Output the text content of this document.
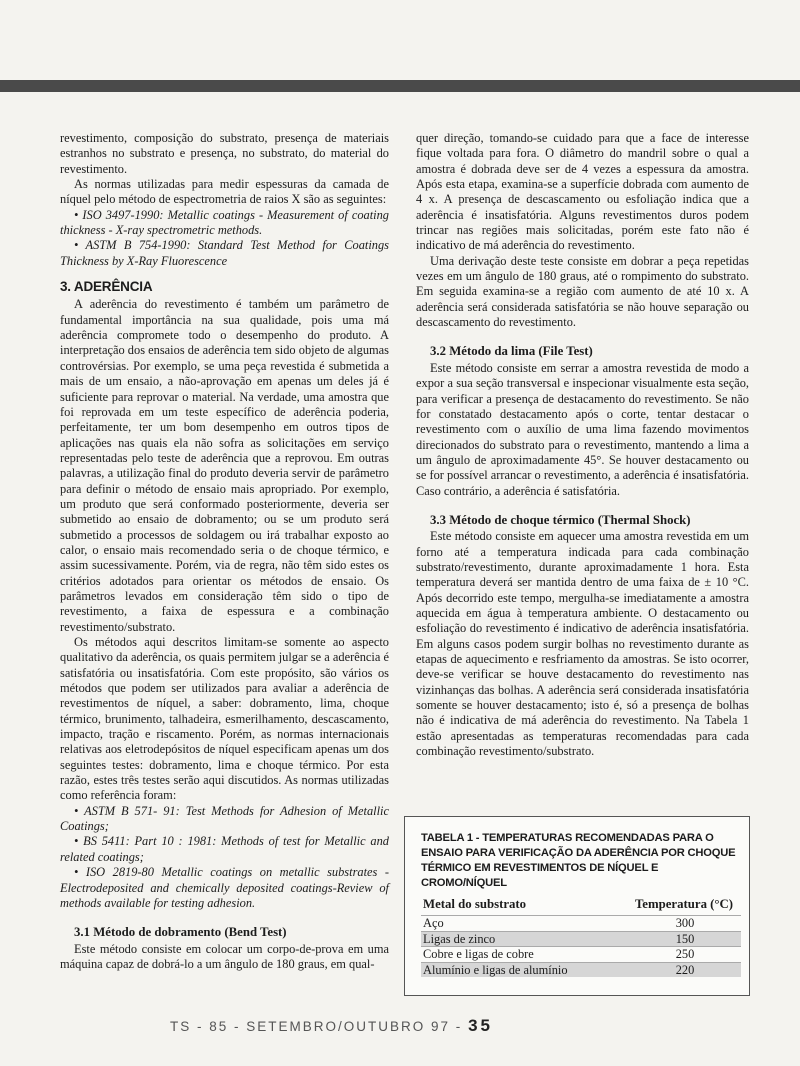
revestimento, composição do substrato, presença de materiais estranhos no substrato e presença, no substrato, do material do revestimento.

As normas utilizadas para medir espessuras da camada de níquel pelo método de espectrometria de raios X são as seguintes:

• ISO 3497-1990: Metallic coatings - Measurement of coating thickness - X-ray spectrometric methods.

• ASTM B 754-1990: Standard Test Method for Coatings Thickness by X-Ray Fluorescence

3. ADERÊNCIA

A aderência do revestimento é também um parâmetro de fundamental importância na sua qualidade, pois uma má aderência compromete todo o desempenho do produto. A interpretação dos ensaios de aderência tem sido objeto de algumas controvérsias. Por exemplo, se uma peça revestida é submetida a mais de um ensaio, a não-aprovação em apenas um deles já é suficiente para reprovar o material. Na verdade, uma amostra que foi reprovada em um teste específico de aderência poderia, perfeitamente, ter um bom desempenho em outros tipos de aplicações nas quais ela não sofra as solicitações em serviço representadas pelo teste de aderência que a reprovou. Em outras palavras, a utilização final do produto deveria servir de parâmetro para definir o método de ensaio mais apropriado. Por exemplo, um produto que será conformado posteriormente, deveria ser submetido ao ensaio de dobramento; ou se um produto será submetido a processos de soldagem ou irá trabalhar exposto ao calor, o ensaio mais recomendado seria o de choque térmico, e assim sucessivamente. Porém, via de regra, não têm sido estes os critérios adotados para orientar os métodos de ensaio. Os parâmetros levados em consideração têm sido o tipo de revestimento, a faixa de espessura e a combinação revestimento/substrato.

Os métodos aqui descritos limitam-se somente ao aspecto qualitativo da aderência, os quais permitem julgar se a aderência é satisfatória ou insatisfatória. Com este propósito, são vários os métodos que podem ser utilizados para avaliar a aderência de revestimentos de níquel, a saber: dobramento, lima, choque térmico, brunimento, talhadeira, esmerilhamento, descascamento, impacto, tração e riscamento. Porém, as normas internacionais relativas aos eletrodepósitos de níquel especificam apenas um dos seguintes testes: dobramento, lima e choque térmico. Por esta razão, estes três testes serão aqui discutidos. As normas utilizadas como referência foram:

• ASTM B 571- 91: Test Methods for Adhesion of Metallic Coatings;

• BS 5411: Part 10 : 1981: Methods of test for Metallic and related coatings;

• ISO 2819-80 Metallic coatings on metallic substrates - Electrodeposited and chemically deposited coatings-Review of methods available for testing adhesion.

3.1 Método de dobramento (Bend Test)

Este método consiste em colocar um corpo-de-prova em uma máquina capaz de dobrá-lo a um ângulo de 180 graus, em qual-

quer direção, tomando-se cuidado para que a face de interesse fique voltada para fora. O diâmetro do mandril sobre o qual a amostra é dobrada deve ser de 4 vezes a espessura da amostra. Após esta etapa, examina-se a superfície dobrada com aumento de 4 x. A presença de descascamento ou esfoliação indica que a aderência é insatisfatória. Alguns revestimentos duros podem trincar nas regiões mais solicitadas, porém este fato não é indicativo de má aderência do revestimento.

Uma derivação deste teste consiste em dobrar a peça repetidas vezes em um ângulo de 180 graus, até o rompimento do substrato. Em seguida examina-se a região com aumento de até 10 x. A aderência será considerada satisfatória se não houve separação ou descascamento do revestimento.

3.2 Método da lima (File Test)

Este método consiste em serrar a amostra revestida de modo a expor a sua seção transversal e inspecionar visualmente esta seção, para verificar a presença de destacamento do revestimento. Se não for constatado destacamento após o corte, tentar destacar o revestimento com o auxílio de uma lima fazendo movimentos direcionados do substrato para o revestimento, mantendo a lima a um ângulo de aproximadamente 45°. Se houver destacamento ou se for possível arrancar o revestimento, a aderência é insatisfatória. Caso contrário, a aderência é satisfatória.

3.3 Método de choque térmico (Thermal Shock)

Este método consiste em aquecer uma amostra revestida em um forno até a temperatura indicada para cada combinação substrato/revestimento, durante aproximadamente 1 hora. Esta temperatura deverá ser mantida dentro de uma faixa de ± 10 °C. Após decorrido este tempo, mergulha-se imediatamente a amostra aquecida em água à temperatura ambiente. O destacamento ou esfoliação do revestimento é indicativo de aderência insatisfatória. Em alguns casos podem surgir bolhas no revestimento durante as etapas de aquecimento e resfriamento da amostras. Se isto ocorrer, deve-se verificar se houve destacamento do revestimento nas vizinhanças das bolhas. A aderência será considerada insatisfatória somente se houver destacamento; isto é, só a presença de bolhas não é indicativa de má aderência do revestimento. Na Tabela 1 estão apresentadas as temperaturas recomendadas para cada combinação revestimento/substrato.

TABELA 1 - TEMPERATURAS RECOMENDADAS PARA O ENSAIO PARA VERIFICAÇÃO DA ADERÊNCIA POR CHOQUE TÉRMICO EM REVESTIMENTOS DE NÍQUEL E CROMO/NÍQUEL
Metal do substrato	Temperatura (°C)
Aço	300
Ligas de zinco	150
Cobre e ligas de cobre	250
Alumínio e ligas de alumínio	220
TS - 85 - SETEMBRO/OUTUBRO 97 - 35
